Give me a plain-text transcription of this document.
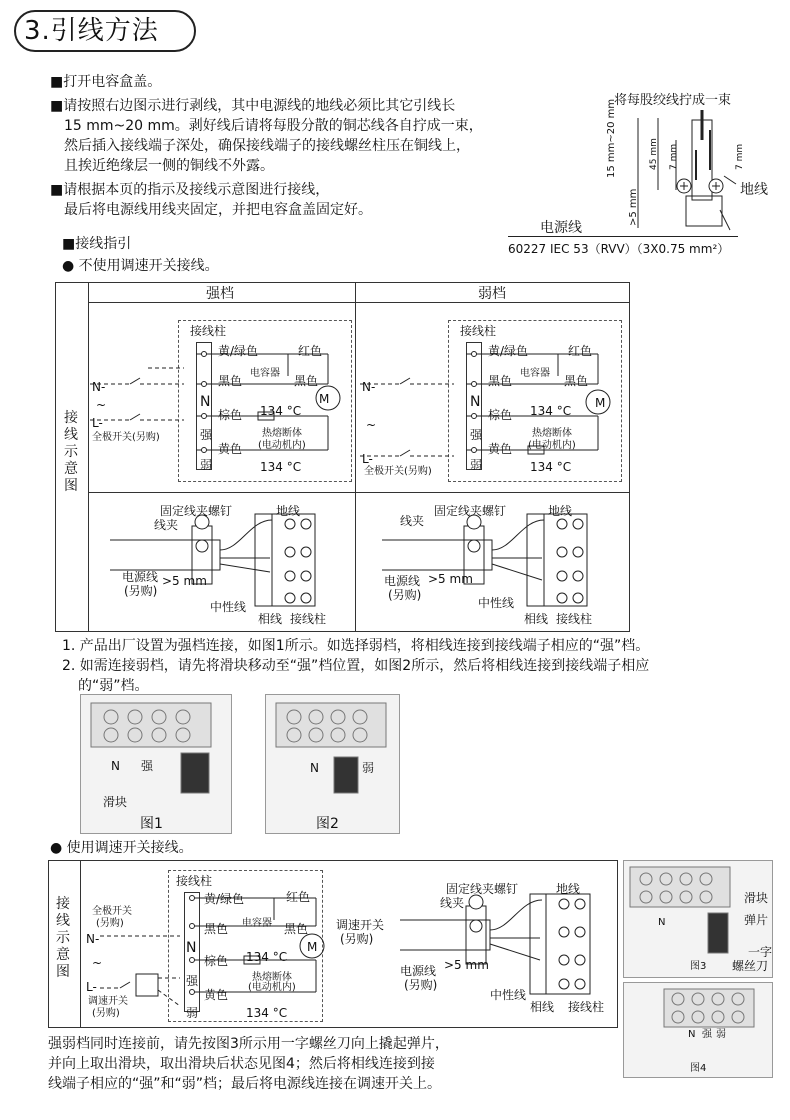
3.引线方法
■打开电容盒盖。
■请按照右边图示进行剥线，其中电源线的地线必须比其它引线长
15 mm~20 mm。剥好线后请将每股分散的铜芯线各自拧成一束，
然后插入接线端子深处，确保接线端子的接线螺丝柱压在铜线上，
且挨近绝缘层一侧的铜线不外露。
■请根据本页的指示及接线示意图进行接线，
最后将电源线用线夹固定，并把电容盒盖固定好。
将每股绞线拧成一束
15 mm~20 mm	45 mm 7 mm	7 mm
>5 mm	地线
电源线
60227 IEC 53（RVV）（3X0.75 mm²）
■接线指引
● 不使用调速开关接线。
接线示意图
强档	弱档
接线柱
黄/绿色	红色
黑色
电容器
黑色
M
N
棕色 134 °C
强	热熔断体
(电动机内)
黄色
弱	134 °C
N-
~
L-
全极开关(另购)
接线柱
黄/绿色	红色
黑色
电容器
黑色
M
N
棕色 134 °C
强	热熔断体
(电动机内)
黄色
弱	134 °C
N-
~
L-
全极开关(另购)
固定线夹螺钉
线夹
地线
电源线
(另购)
>5 mm
中性线
相线 接线柱
固定线夹螺钉
线夹
地线
电源线
(另购)
>5 mm
中性线
相线 接线柱
1. 产品出厂设置为强档连接，如图1所示。如选择弱档，将相线连接到接线端子相应的“强”档。
2. 如需连接弱档，请先将滑块移动至“强”档位置，如图2所示，然后将相线连接到接线端子相应
的“弱”档。
N 强
滑块
图1
N	弱
图2
● 使用调速开关接线。
接线示意图
接线柱
黄/绿色	红色
黑色 电容器 黑色
M
N
棕色 134 °C
强	热熔断体
(电动机内)
黄色
弱	134 °C
全极开关
(另购)
N-
~
L-
调速开关
(另购)
调速开关
(另购)
固定线夹螺钉
线夹
地线
电源线
(另购)
>5 mm
中性线
相线 接线柱
N
滑块
弹片
一字
螺丝刀
图3
N 强 弱
图4
强弱档同时连接前，请先按图3所示用一字螺丝刀向上撬起弹片，
并向上取出滑块，取出滑块后状态见图4；然后将相线连接到接
线端子相应的“强”和“弱”档；最后将电源线连接在调速开关上。
